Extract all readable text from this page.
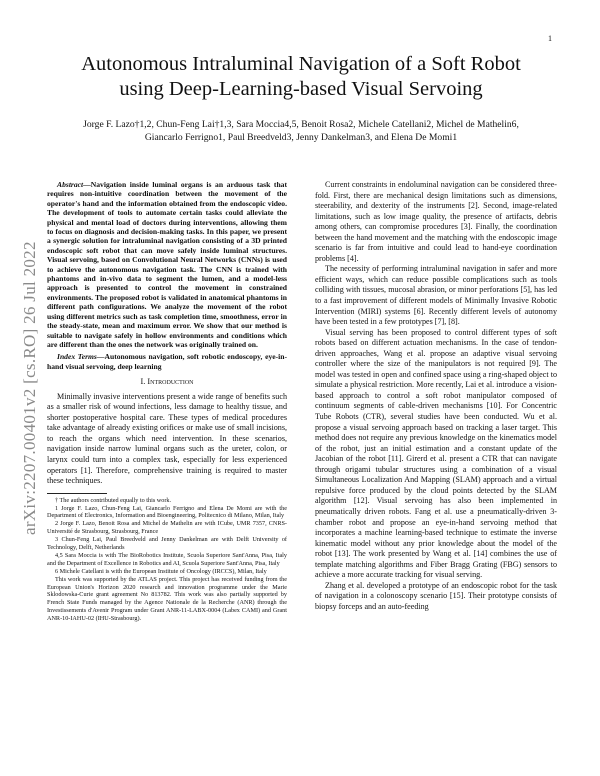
1
arXiv:2207.00401v2 [cs.RO] 26 Jul 2022
Autonomous Intraluminal Navigation of a Soft Robot using Deep-Learning-based Visual Servoing
Jorge F. Lazo†1,2, Chun-Feng Lai†1,3, Sara Moccia4,5, Benoit Rosa2, Michele Catellani2, Michel de Mathelin6,
Giancarlo Ferrigno1, Paul Breedveld3, Jenny Dankelman3, and Elena De Momi1

Abstract—Navigation inside luminal organs is an arduous task that requires non-intuitive coordination between the movement of the operator's hand and the information obtained from the endoscopic video. The development of tools to automate certain tasks could alleviate the physical and mental load of doctors during interventions, allowing them to focus on diagnosis and decision-making tasks. In this paper, we present a synergic solution for intraluminal navigation consisting of a 3D printed endoscopic soft robot that can move safely inside luminal structures. Visual servoing, based on Convolutional Neural Networks (CNNs) is used to achieve the autonomous navigation task. The CNN is trained with phantoms and in-vivo data to segment the lumen, and a model-less approach is presented to control the movement in constrained environments. The proposed robot is validated in anatomical phantoms in different path configurations. We analyze the movement of the robot using different metrics such as task completion time, smoothness, error in the steady-state, mean and maximum error. We show that our method is suitable to navigate safely in hollow environments and conditions which are different than the ones the network was originally trained on.

Index Terms—Autonomous navigation, soft robotic endoscopy, eye-in-hand visual servoing, deep learning

I. Introduction

Minimally invasive interventions present a wide range of benefits such as a smaller risk of wound infections, less damage to healthy tissue, and shorter postoperative hospital care. These types of medical procedures take advantage of already existing orifices or make use of small incisions, to reach the organs which need intervention. In these scenarios, navigation inside narrow luminal organs such as the ureter, colon, or larynx could turn into a complex task, especially for less experienced operators [1]. Therefore, comprehensive training is required to master these techniques.

† The authors contributed equally to this work.

1 Jorge F. Lazo, Chun-Feng Lai, Giancarlo Ferrigno and Elena De Momi are with the Department of Electronics, Information and Bioengineering, Politecnico di Milano, Milan, Italy

2 Jorge F. Lazo, Benoit Rosa and Michel de Mathelin are with ICube, UMR 7357, CNRS-Université de Strasbourg, Strasbourg, France

3 Chun-Feng Lai, Paul Breedveld and Jenny Dankelman are with Delft University of Technology, Delft, Netherlands

4,5 Sara Moccia is with The BioRobotics Institute, Scuola Superiore Sant'Anna, Pisa, Italy and the Department of Excellence in Robotics and AI, Scuola Superiore Sant'Anna, Pisa, Italy

6 Michele Catellani is with the European Institute of Oncology (IRCCS), Milan, Italy

This work was supported by the ATLAS project. This project has received funding from the European Union's Horizon 2020 research and innovation programme under the Marie Sklodowska-Curie grant agreement No 813782. This work was also partially supported by French State Funds managed by the Agence Nationale de la Recherche (ANR) through the Investissements d'Avenir Program under Grant ANR-11-LABX-0004 (Labex CAMI) and Grant ANR-10-IAHU-02 (IHU-Strasbourg).

Current constraints in endoluminal navigation can be considered three-fold. First, there are mechanical design limitations such as dimensions, steerability, and dexterity of the instruments [2]. Second, image-related limitations, such as low image quality, the presence of artifacts, debris among others, can compromise procedures [3]. Finally, the coordination between the hand movement and the matching with the endoscopic image scenario is far from intuitive and could lead to hand-eye coordination problems [4].

The necessity of performing intraluminal navigation in safer and more efficient ways, which can reduce possible complications such as tools colliding with tissues, mucosal abrasion, or minor perforations [5], has led to a fast improvement of different models of Minimally Invasive Robotic Intervention (MIRI) systems [6]. Recently different levels of autonomy have been tested in a few prototypes [7], [8].

Visual serving has been proposed to control different types of soft robots based on different actuation mechanisms. In the case of tendon-driven approaches, Wang et al. propose an adaptive visual servoing controller where the size of the manipulators is not required [9]. The model was tested in open and confined space using a ring-shaped object to simulate a physical restriction. More recently, Lai et al. introduce a vision-based approach to control a soft robot manipulator composed of continuum segments of cable-driven mechanisms [10]. For Concentric Tube Robots (CTR), several studies have been conducted. Wu et al. propose a visual servoing approach based on tracking a laser target. This method does not require any previous knowledge on the kinematics model of the robot, just an initial estimation and a constant update of the Jacobian of the robot [11]. Girerd et al. present a CTR that can navigate through origami tubular structures using a combination of a visual Simultaneous Localization And Mapping (SLAM) approach and a virtual repulsive force produced by the cloud points detected by the SLAM algorithm [12]. Visual servoing has also been implemented in pneumatically driven robots. Fang et al. use a pneumatically-driven 3-chamber robot and propose an eye-in-hand servoing method that incorporates a machine learning-based technique to estimate the inverse kinematic model without any prior knowledge about the model of the robot [13]. The work presented by Wang et al. [14] combines the use of template matching algorithms and Fiber Bragg Grating (FBG) sensors to achieve a more accurate tracking for visual serving.

Zhang et al. developed a prototype of an endoscopic robot for the task of navigation in a colonoscopy scenario [15]. Their prototype consists of biopsy forceps and an auto-feeding
